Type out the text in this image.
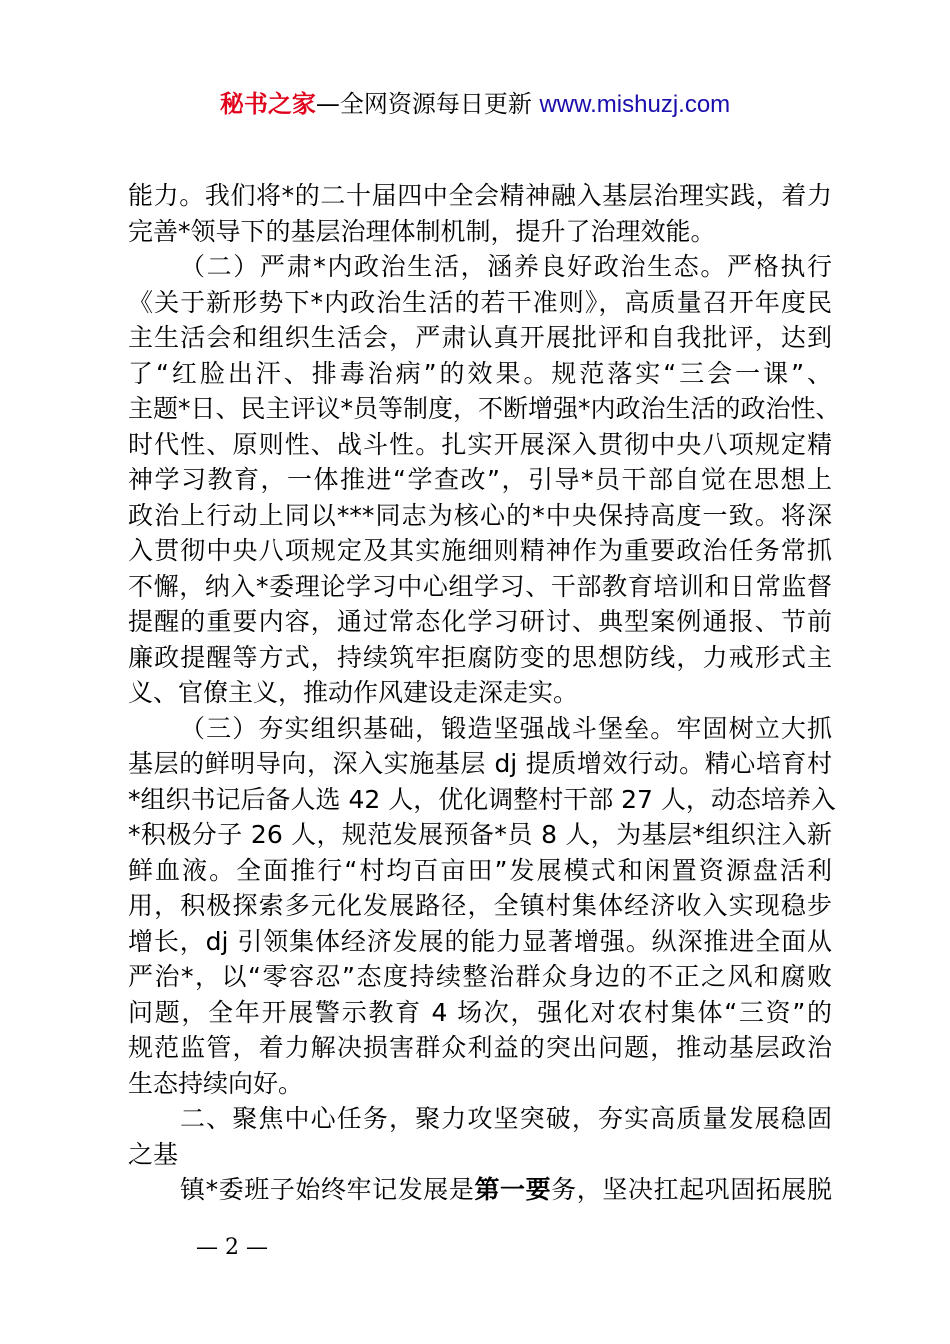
秘书之家—全网资源每日更新 www.mishuzj.com
能力。我们将*的二十届四中全会精神融入基层治理实践，着力
完善*领导下的基层治理体制机制，提升了治理效能。
（二）严肃*内政治生活，涵养良好政治生态。严格执行
《关于新形势下*内政治生活的若干准则》，高质量召开年度民
主生活会和组织生活会，严肃认真开展批评和自我批评，达到
了“红脸出汗、排毒治病”的效果。规范落实“三会一课”、
主题*日、民主评议*员等制度，不断增强*内政治生活的政治性、
时代性、原则性、战斗性。扎实开展深入贯彻中央八项规定精
神学习教育，一体推进“学查改”，引导*员干部自觉在思想上
政治上行动上同以***同志为核心的*中央保持高度一致。将深
入贯彻中央八项规定及其实施细则精神作为重要政治任务常抓
不懈，纳入*委理论学习中心组学习、干部教育培训和日常监督
提醒的重要内容，通过常态化学习研讨、典型案例通报、节前
廉政提醒等方式，持续筑牢拒腐防变的思想防线，力戒形式主
义、官僚主义，推动作风建设走深走实。
（三）夯实组织基础，锻造坚强战斗堡垒。牢固树立大抓
基层的鲜明导向，深入实施基层 dj 提质增效行动。精心培育村
*组织书记后备人选 42 人，优化调整村干部 27 人，动态培养入
*积极分子 26 人，规范发展预备*员 8 人，为基层*组织注入新
鲜血液。全面推行“村均百亩田”发展模式和闲置资源盘活利
用，积极探索多元化发展路径，全镇村集体经济收入实现稳步
增长，dj 引领集体经济发展的能力显著增强。纵深推进全面从
严治*，以“零容忍”态度持续整治群众身边的不正之风和腐败
问题，全年开展警示教育 4 场次，强化对农村集体“三资”的
规范监管，着力解决损害群众利益的突出问题，推动基层政治
生态持续向好。
二、聚焦中心任务，聚力攻坚突破，夯实高质量发展稳固
之基
镇*委班子始终牢记发展是第一要务，坚决扛起巩固拓展脱
— 2 —
